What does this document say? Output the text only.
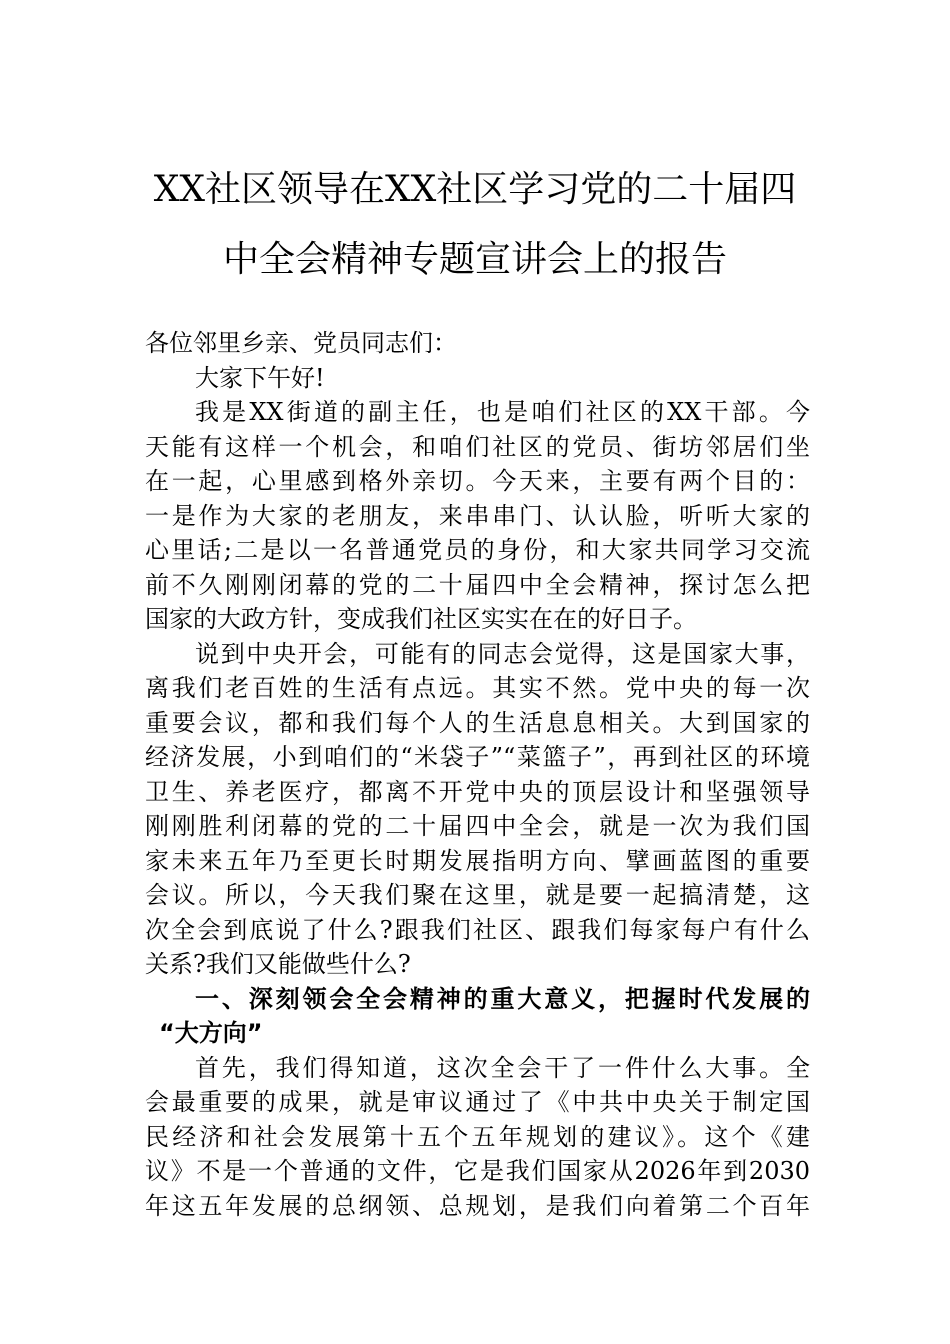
XX社区领导在XX社区学习党的二十届四
中全会精神专题宣讲会上的报告
各位邻里乡亲、党员同志们：
大家下午好!
我是XX街道的副主任，也是咱们社区的XX干部。今
天能有这样一个机会，和咱们社区的党员、街坊邻居们坐
在一起，心里感到格外亲切。今天来，主要有两个目的：
一是作为大家的老朋友，来串串门、认认脸，听听大家的
心里话;二是以一名普通党员的身份，和大家共同学习交流
前不久刚刚闭幕的党的二十届四中全会精神，探讨怎么把
国家的大政方针，变成我们社区实实在在的好日子。
说到中央开会，可能有的同志会觉得，这是国家大事，
离我们老百姓的生活有点远。其实不然。党中央的每一次
重要会议，都和我们每个人的生活息息相关。大到国家的
经济发展，小到咱们的“米袋子”“菜篮子”，再到社区的环境
卫生、养老医疗，都离不开党中央的顶层设计和坚强领导
刚刚胜利闭幕的党的二十届四中全会，就是一次为我们国
家未来五年乃至更长时期发展指明方向、擘画蓝图的重要
会议。所以，今天我们聚在这里，就是要一起搞清楚，这
次全会到底说了什么?跟我们社区、跟我们每家每户有什么
关系?我们又能做些什么?
一、深刻领会全会精神的重大意义，把握时代发展的
“大方向”
首先，我们得知道，这次全会干了一件什么大事。全
会最重要的成果，就是审议通过了《中共中央关于制定国
民经济和社会发展第十五个五年规划的建议》。这个《建
议》不是一个普通的文件，它是我们国家从2026年到2030
年这五年发展的总纲领、总规划，是我们向着第二个百年
